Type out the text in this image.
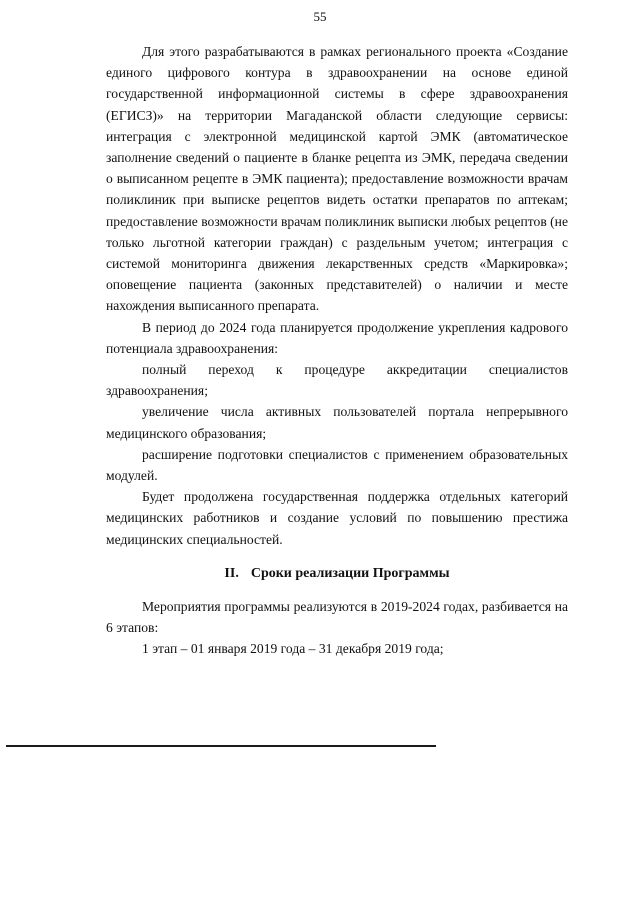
55

Для этого разрабатываются в рамках регионального проекта «Создание единого цифрового контура в здравоохранении на основе единой государственной информационной системы в сфере здравоохранения (ЕГИСЗ)» на территории Магаданской области следующие сервисы: интеграция с электронной медицинской картой ЭМК (автоматическое заполнение сведений о пациенте в бланке рецепта из ЭМК, передача сведении о выписанном рецепте в ЭМК пациента); предоставление возможности врачам поликлиник при выписке рецептов видеть остатки препаратов по аптекам; предоставление возможности врачам поликлиник выписки любых рецептов (не только льготной категории граждан) с раздельным учетом; интеграция с системой мониторинга движения лекарственных средств «Маркировка»; оповещение пациента (законных представителей) о наличии и месте нахождения выписанного препарата.

В период до 2024 года планируется продолжение укрепления кадрового потенциала здравоохранения:

полный переход к процедуре аккредитации специалистов здравоохранения;

увеличение числа активных пользователей портала непрерывного медицинского образования;

расширение подготовки специалистов с применением образовательных модулей.

Будет продолжена государственная поддержка отдельных категорий медицинских работников и создание условий по повышению престижа медицинских специальностей.

II. Сроки реализации Программы

Мероприятия программы реализуются в 2019-2024 годах, разбивается на 6 этапов:

1 этап – 01 января 2019 года – 31 декабря 2019 года;
